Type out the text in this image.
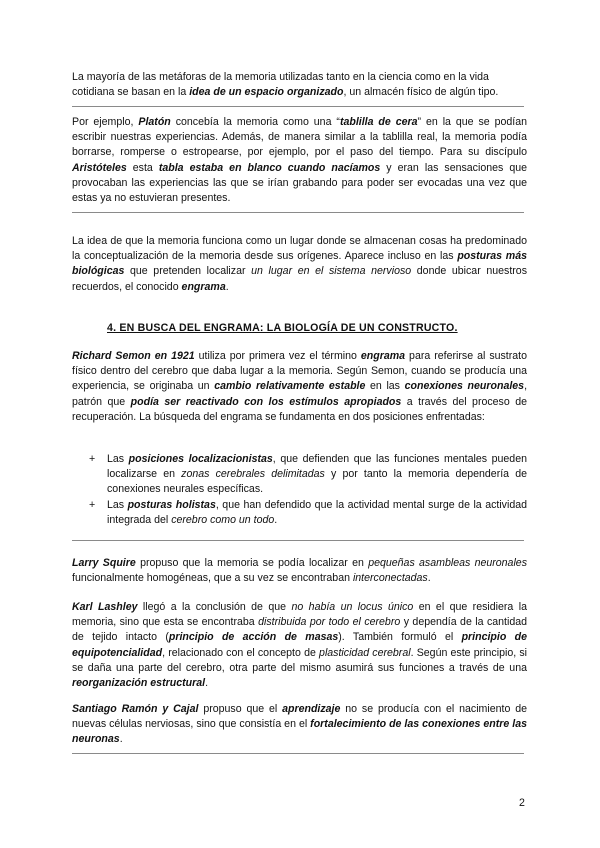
La mayoría de las metáforas de la memoria utilizadas tanto en la ciencia como en la vida cotidiana se basan en la idea de un espacio organizado, un almacén físico de algún tipo.

Por ejemplo, Platón concebía la memoria como una “tablilla de cera” en la que se podían escribir nuestras experiencias. Además, de manera similar a la tablilla real, la memoria podía borrarse, romperse o estropearse, por ejemplo, por el paso del tiempo. Para su discípulo Aristóteles esta tabla estaba en blanco cuando nacíamos y eran las sensaciones que provocaban las experiencias las que se irían grabando para poder ser evocadas una vez que estas ya no estuvieran presentes.

La idea de que la memoria funciona como un lugar donde se almacenan cosas ha predominado la conceptualización de la memoria desde sus orígenes. Aparece incluso en las posturas más biológicas que pretenden localizar un lugar en el sistema nervioso donde ubicar nuestros recuerdos, el conocido engrama.

4. EN BUSCA DEL ENGRAMA: LA BIOLOGÍA DE UN CONSTRUCTO.

Richard Semon en 1921 utiliza por primera vez el término engrama para referirse al sustrato físico dentro del cerebro que daba lugar a la memoria. Según Semon, cuando se producía una experiencia, se originaba un cambio relativamente estable en las conexiones neuronales, patrón que podía ser reactivado con los estímulos apropiados a través del proceso de recuperación. La búsqueda del engrama se fundamenta en dos posiciones enfrentadas:

+ Las posiciones localizacionistas, que defienden que las funciones mentales pueden localizarse en zonas cerebrales delimitadas y por tanto la memoria dependería de conexiones neurales específicas.
+ Las posturas holistas, que han defendido que la actividad mental surge de la actividad integrada del cerebro como un todo.

Larry Squire propuso que la memoria se podía localizar en pequeñas asambleas neuronales funcionalmente homogéneas, que a su vez se encontraban interconectadas.

Karl Lashley llegó a la conclusión de que no había un locus único en el que residiera la memoria, sino que esta se encontraba distribuida por todo el cerebro y dependía de la cantidad de tejido intacto (principio de acción de masas). También formuló el principio de equipotencialidad, relacionado con el concepto de plasticidad cerebral. Según este principio, si se daña una parte del cerebro, otra parte del mismo asumirá sus funciones a través de una reorganización estructural.

Santiago Ramón y Cajal propuso que el aprendizaje no se producía con el nacimiento de nuevas células nerviosas, sino que consistía en el fortalecimiento de las conexiones entre las neuronas.

2
